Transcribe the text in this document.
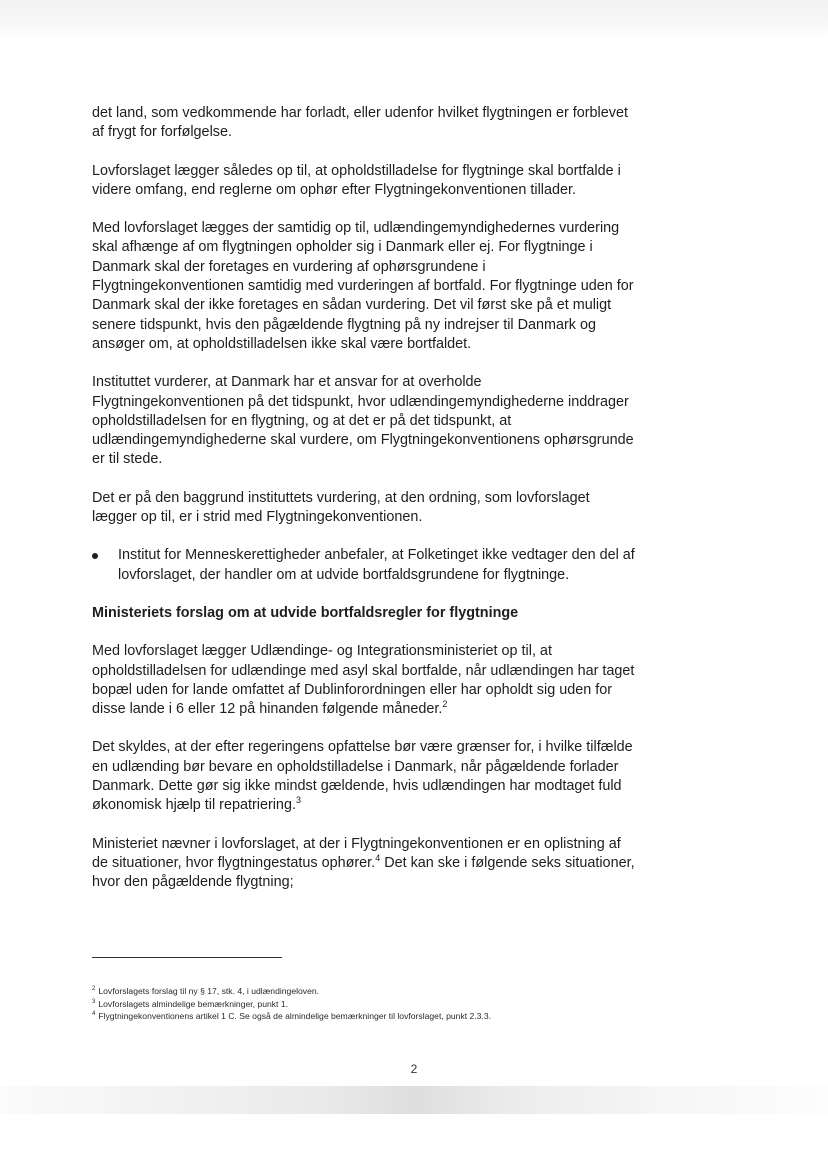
det land, som vedkommende har forladt, eller udenfor hvilket flygtningen er forblevet af frygt for forfølgelse.

Lovforslaget lægger således op til, at opholdstilladelse for flygtninge skal bortfalde i videre omfang, end reglerne om ophør efter Flygtningekonventionen tillader.

Med lovforslaget lægges der samtidig op til, udlændingemyndighedernes vurdering skal afhænge af om flygtningen opholder sig i Danmark eller ej. For flygtninge i Danmark skal der foretages en vurdering af ophørsgrundene i Flygtningekonventionen samtidig med vurderingen af bortfald. For flygtninge uden for Danmark skal der ikke foretages en sådan vurdering. Det vil først ske på et muligt senere tidspunkt, hvis den pågældende flygtning på ny indrejser til Danmark og ansøger om, at opholdstilladelsen ikke skal være bortfaldet.

Instituttet vurderer, at Danmark har et ansvar for at overholde Flygtningekonventionen på det tidspunkt, hvor udlændingemyndighederne inddrager opholdstilladelsen for en flygtning, og at det er på det tidspunkt, at udlændingemyndighederne skal vurdere, om Flygtningekonventionens ophørsgrunde er til stede.

Det er på den baggrund instituttets vurdering, at den ordning, som lovforslaget lægger op til, er i strid med Flygtningekonventionen.

Institut for Menneskerettigheder anbefaler, at Folketinget ikke vedtager den del af lovforslaget, der handler om at udvide bortfaldsgrundene for flygtninge.
Ministeriets forslag om at udvide bortfaldsregler for flygtninge

Med lovforslaget lægger Udlændinge- og Integrationsministeriet op til, at opholdstilladelsen for udlændinge med asyl skal bortfalde, når udlændingen har taget bopæl uden for lande omfattet af Dublinforordningen eller har opholdt sig uden for disse lande i 6 eller 12 på hinanden følgende måneder.$^2$

Det skyldes, at der efter regeringens opfattelse bør være grænser for, i hvilke tilfælde en udlænding bør bevare en opholdstilladelse i Danmark, når pågældende forlader Danmark. Dette gør sig ikke mindst gældende, hvis udlændingen har modtaget fuld økonomisk hjælp til repatriering.$^3$

Ministeriet nævner i lovforslaget, at der i Flygtningekonventionen er en oplistning af de situationer, hvor flygtningestatus ophører.$^4$ Det kan ske i følgende seks situationer, hvor den pågældende flygtning;

$^2$ Lovforslagets forslag til ny § 17, stk. 4, i udlændingeloven.
$^3$ Lovforslagets almindelige bemærkninger, punkt 1.
$^4$ Flygtningekonventionens artikel 1 C. Se også de almindelige bemærkninger til lovforslaget, punkt 2.3.3.
2
